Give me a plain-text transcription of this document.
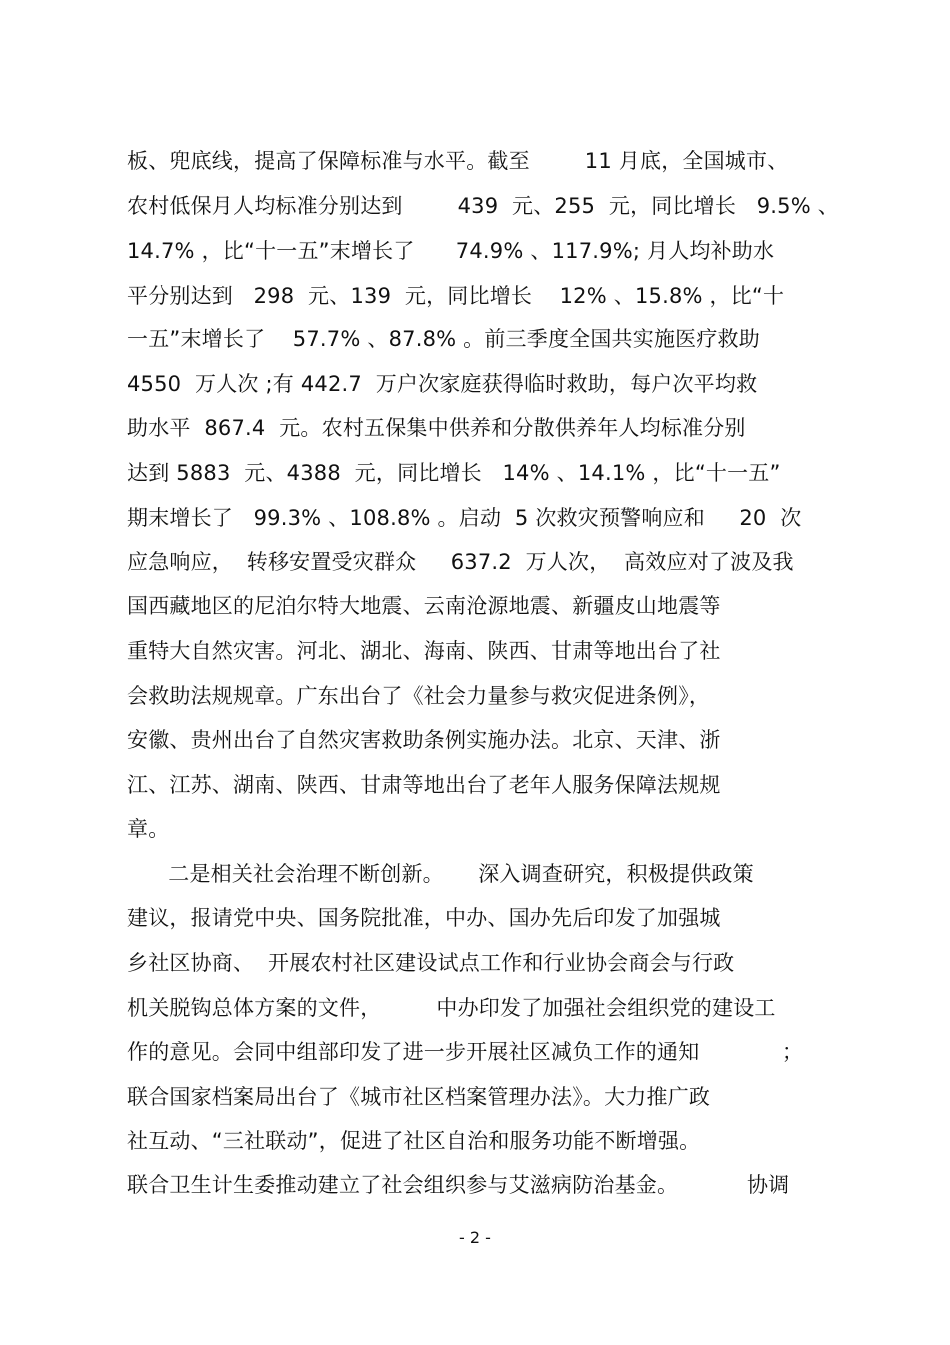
板、兜底线，提高了保障标准与水平。截至        11 月底，全国城市、
农村低保月人均标准分别达到        439  元、255  元，同比增长   9.5% 、
14.7% ，比“十一五”末增长了      74.9% 、117.9%; 月人均补助水
平分别达到   298  元、139  元，同比增长    12% 、15.8% ，比“十
一五”末增长了    57.7% 、87.8% 。前三季度全国共实施医疗救助
4550  万人次 ;有 442.7  万户次家庭获得临时救助，每户次平均救
助水平  867.4  元。农村五保集中供养和分散供养年人均标准分别
达到 5883  元、4388  元，同比增长   14% 、14.1% ，比“十一五”
期末增长了   99.3% 、108.8% 。启动  5 次救灾预警响应和     20  次
应急响应，  转移安置受灾群众     637.2  万人次，  高效应对了波及我
国西藏地区的尼泊尔特大地震、云南沧源地震、新疆皮山地震等
重特大自然灾害。河北、湖北、海南、陕西、甘肃等地出台了社
会救助法规规章。广东出台了《社会力量参与救灾促进条例》，
安徽、贵州出台了自然灾害救助条例实施办法。北京、天津、浙
江、江苏、湖南、陕西、甘肃等地出台了老年人服务保障法规规
章。
二是相关社会治理不断创新。     深入调查研究，积极提供政策
建议，报请党中央、国务院批准，中办、国办先后印发了加强城
乡社区协商、  开展农村社区建设试点工作和行业协会商会与行政
机关脱钩总体方案的文件，        中办印发了加强社会组织党的建设工
作的意见。会同中组部印发了进一步开展社区减负工作的通知            ；
联合国家档案局出台了《城市社区档案管理办法》。大力推广政
社互动、“三社联动”，促进了社区自治和服务功能不断增强。
联合卫生计生委推动建立了社会组织参与艾滋病防治基金。          协调
- 2 -
